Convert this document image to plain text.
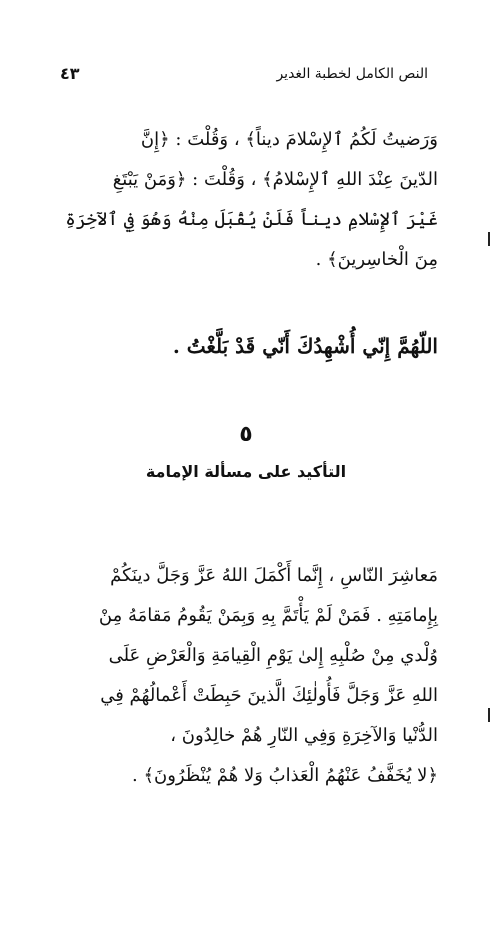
النص الكامل لخطبة الغدير
٤٣
وَرَضيتُ لَكُمُ ٱلإِسْلامَ ديناً﴾ ، وَقُلْتَ : ﴿إِنَّ
الدّينَ عِنْدَ اللهِ ٱلإِسْلامُ﴾ ، وَقُلْتَ : ﴿وَمَنْ يَبْتَغِ
غَيْرَ ٱلإِسْلامِ ديناً فَلَنْ يُقْبَلَ مِنْهُ وَهُوَ فِي ٱلآخِرَةِ
مِنَ الْخاسِرينَ﴾ .
اللّهُمَّ إِنّي أُشْهِدُكَ أَنّي قَدْ بَلَّغْتُ .
٥
التأكيد على مسألة الإمامة
مَعاشِرَ النّاسِ ، إِنَّما أَكْمَلَ اللهُ عَزَّ وَجَلَّ دينَكُمْ
بِإِمامَتِهِ . فَمَنْ لَمْ يَأْتَمَّ بِهِ وَبِمَنْ يَقُومُ مَقامَهُ مِنْ
وُلْدي مِنْ صُلْبِهِ إِلىٰ يَوْمِ الْقِيامَةِ وَالْعَرْضِ عَلَى
اللهِ عَزَّ وَجَلَّ فَأُولٰئِكَ الَّذينَ حَبِطَتْ أَعْمالُهُمْ فِي
الدُّنْيا وَالآخِرَةِ وَفِي النّارِ هُمْ خالِدُونَ ،
﴿لا يُخَفَّفُ عَنْهُمُ الْعَذابُ وَلا هُمْ يُنْظَرُونَ﴾ .
